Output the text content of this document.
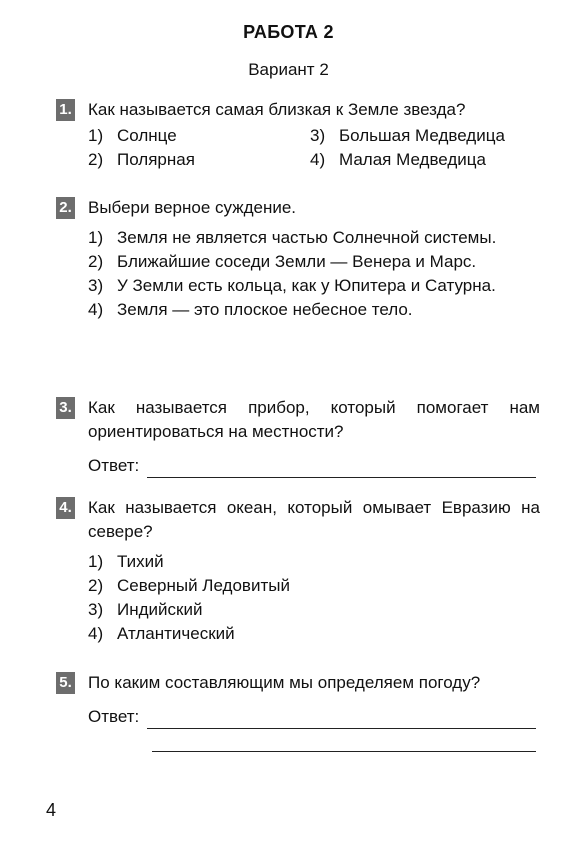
РАБОТА 2
Вариант 2
1. Как называется самая близкая к Земле звезда?
1) Солнце	3) Большая Медведица
2) Полярная	4) Малая Медведица
2. Выбери верное суждение.
1) Земля не является частью Солнечной системы.
2) Ближайшие соседи Земли — Венера и Марс.
3) У Земли есть кольца, как у Юпитера и Сатурна.
4) Земля — это плоское небесное тело.
3. Как называется прибор, который помогает нам ориентироваться на местности?
Ответ:
4. Как называется океан, который омывает Евразию на севере?
1) Тихий
2) Северный Ледовитый
3) Индийский
4) Атлантический
5. По каким составляющим мы определяем погоду?
Ответ:
4
